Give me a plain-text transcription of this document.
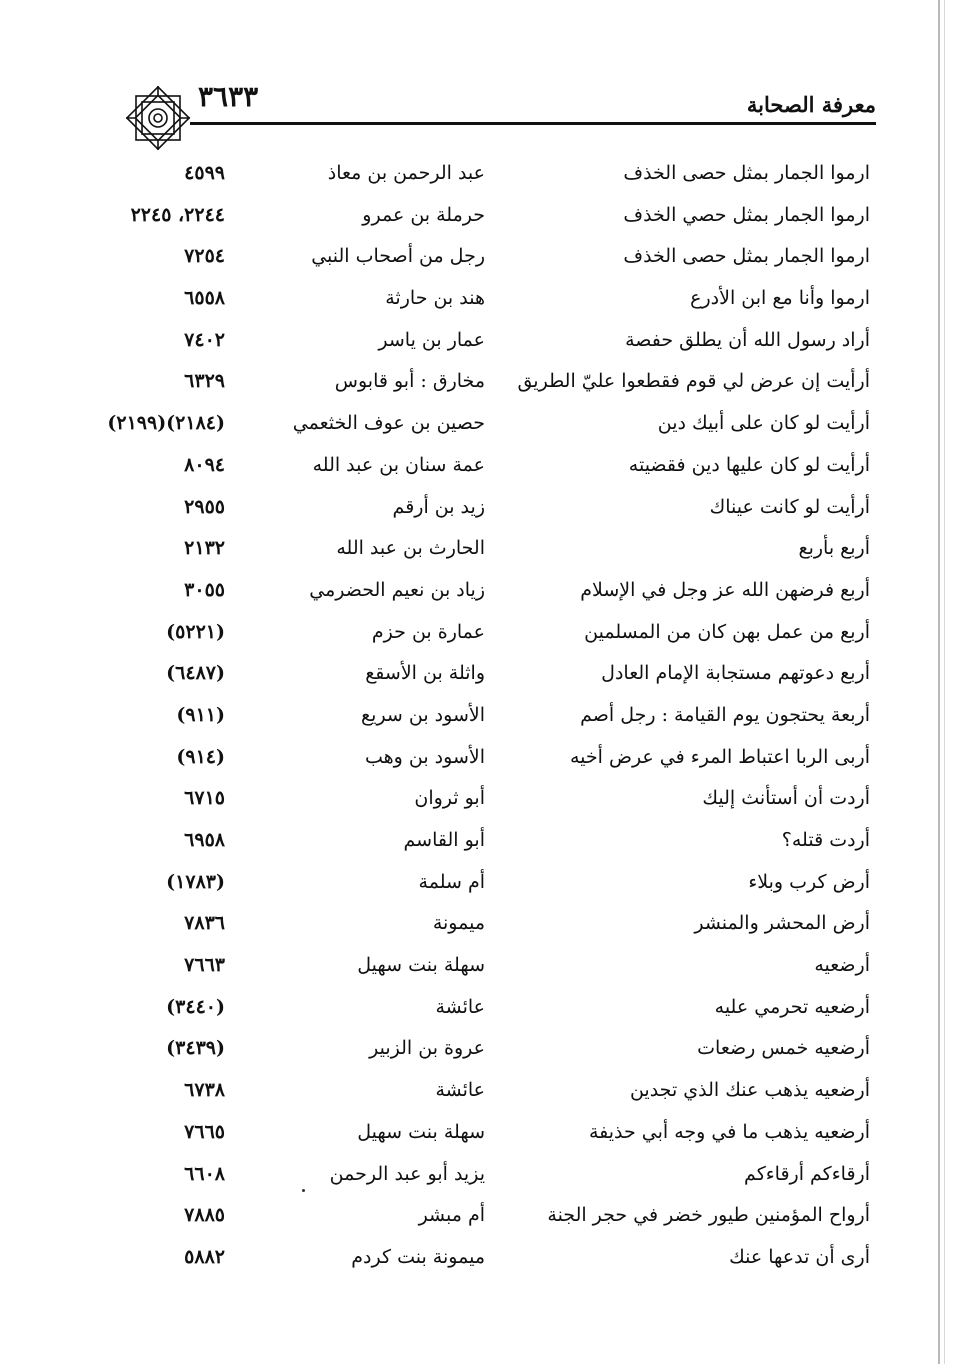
٣٦٣٣	معرفة الصحابة
ارموا الجمار بمثل حصى الخذف
عبد الرحمن بن معاذ
٤٥٩٩
ارموا الجمار بمثل حصي الخذف
حرملة بن عمرو
٢٢٤٤، ٢٢٤٥
ارموا الجمار بمثل حصى الخذف
رجل من أصحاب النبي
٧٢٥٤
ارموا وأنا مع ابن الأدرع
هند بن حارثة
٦٥٥٨
أراد رسول الله أن يطلق حفصة
عمار بن ياسر
٧٤٠٢
أرأيت إن عرض لي قوم فقطعوا عليّ الطريق
مخارق : أبو قابوس
٦٣٢٩
أرأيت لو كان على أبيك دين
حصين بن عوف الخثعمي
(٢١٨٤)(٢١٩٩)
أرأيت لو كان عليها دين فقضيته
عمة سنان بن عبد الله
٨٠٩٤
أرأيت لو كانت عيناك
زيد بن أرقم
٢٩٥٥
أربع بأربع
الحارث بن عبد الله
٢١٣٢
أربع فرضهن الله عز وجل في الإسلام
زياد بن نعيم الحضرمي
٣٠٥٥
أربع من عمل بهن كان من المسلمين
عمارة بن حزم
(٥٢٢١)
أربع دعوتهم مستجابة الإمام العادل
واثلة بن الأسقع
(٦٤٨٧)
أربعة يحتجون يوم القيامة : رجل أصم
الأسود بن سريع
(٩١١)
أربى الربا اعتباط المرء في عرض أخيه
الأسود بن وهب
(٩١٤)
أردت أن أستأنث إليك
أبو ثروان
٦٧١٥
أردت قتله؟
أبو القاسم
٦٩٥٨
أرض كرب وبلاء
أم سلمة
(١٧٨٣)
أرض المحشر والمنشر
ميمونة
٧٨٣٦
أرضعيه
سهلة بنت سهيل
٧٦٦٣
أرضعيه تحرمي عليه
عائشة
(٣٤٤٠)
أرضعيه خمس رضعات
عروة بن الزبير
(٣٤٣٩)
أرضعيه يذهب عنك الذي تجدين
عائشة
٦٧٣٨
أرضعيه يذهب ما في وجه أبي حذيفة
سهلة بنت سهيل
٧٦٦٥
أرقاءكم أرقاءكم
يزيد أبو عبد الرحمن
٦٦٠٨
أرواح المؤمنين طيور خضر في حجر الجنة
أم مبشر
٧٨٨٥
أرى أن تدعها عنك
ميمونة بنت كردم
٥٨٨٢
